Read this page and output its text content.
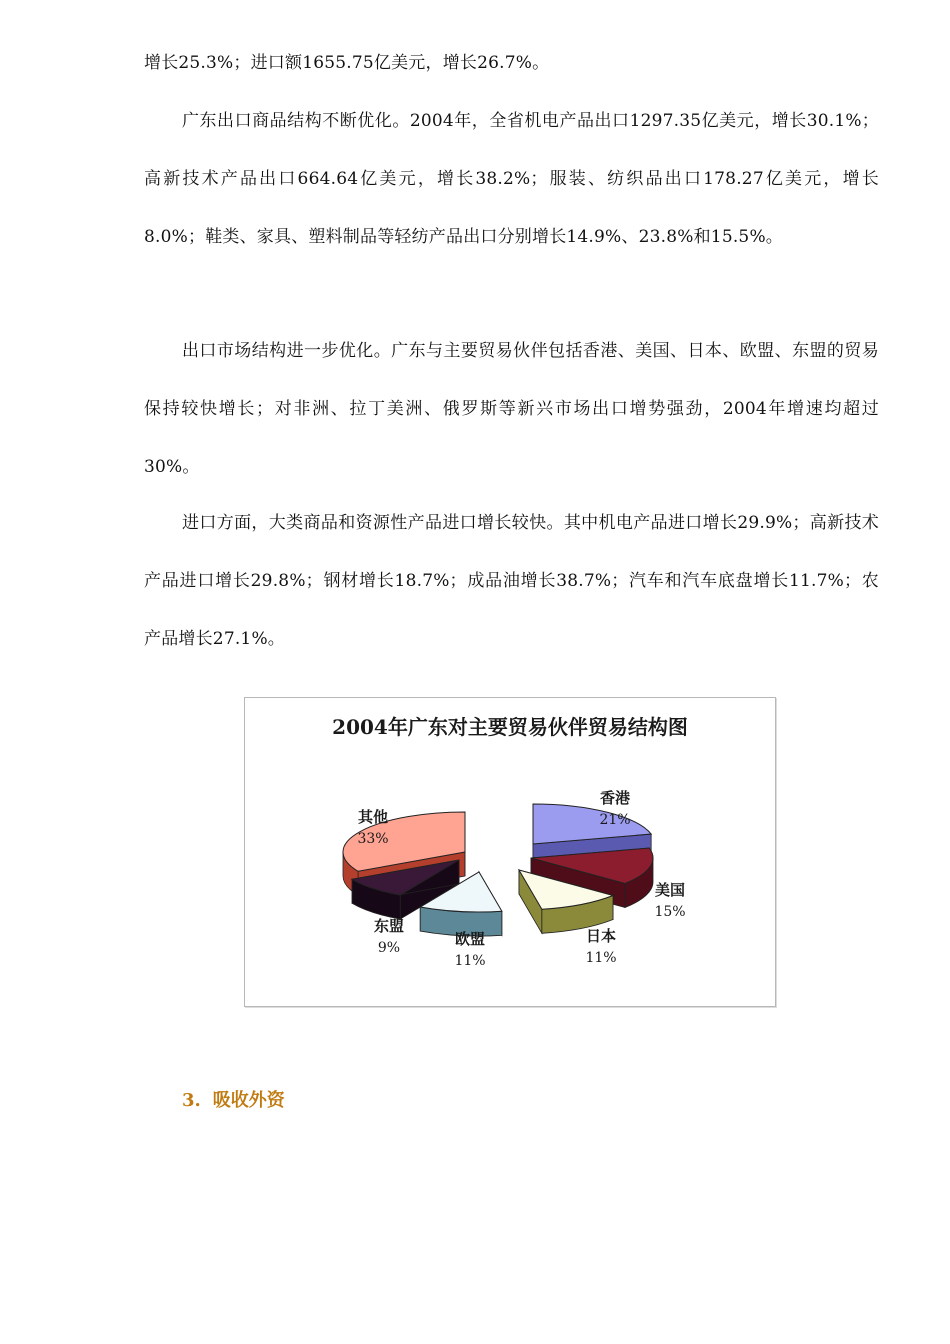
增长25.3%；进口额1655.75亿美元，增长26.7%。

广东出口商品结构不断优化。2004年，全省机电产品出口1297.35亿美元，增长30.1%；高新技术产品出口664.64亿美元，增长38.2%；服装、纺织品出口178.27亿美元，增长8.0%；鞋类、家具、塑料制品等轻纺产品出口分别增长14.9%、23.8%和15.5%。

出口市场结构进一步优化。广东与主要贸易伙伴包括香港、美国、日本、欧盟、东盟的贸易保持较快增长；对非洲、拉丁美洲、俄罗斯等新兴市场出口增势强劲，2004年增速均超过30%。

进口方面，大类商品和资源性产品进口增长较快。其中机电产品进口增长29.9%；高新技术产品进口增长29.8%；钢材增长18.7%；成品油增长38.7%；汽车和汽车底盘增长11.7%；农产品增长27.1%。

2004年广东对主要贸易伙伴贸易结构图
香港
21%
美国
15%
日本
11%
欧盟
11%
东盟
9%
其他
33%
3. 吸收外资
